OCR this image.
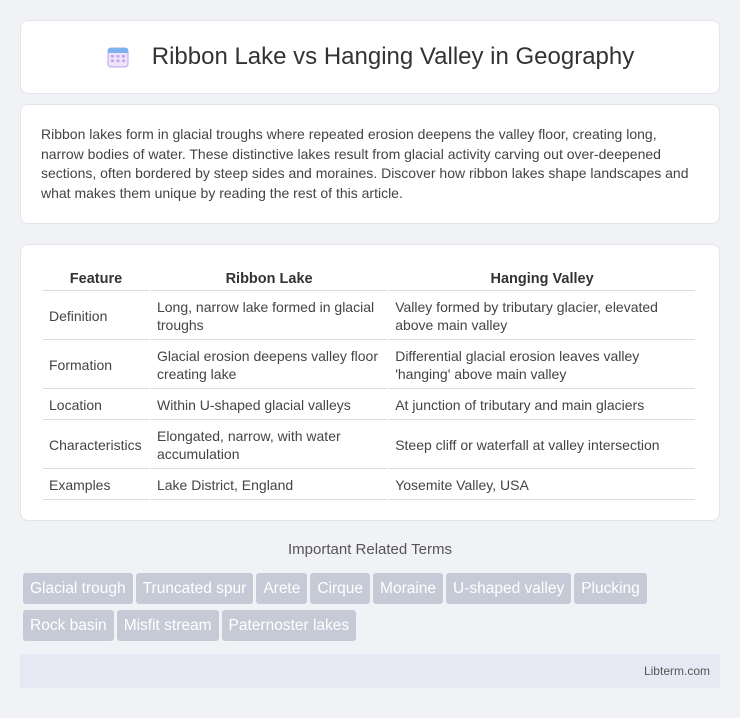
Ribbon Lake vs Hanging Valley in Geography

Ribbon lakes form in glacial troughs where repeated erosion deepens the valley floor, creating long, narrow bodies of water. These distinctive lakes result from glacial activity carving out over-deepened sections, often bordered by steep sides and moraines. Discover how ribbon lakes shape landscapes and what makes them unique by reading the rest of this article.

Feature	Ribbon Lake	Hanging Valley
Definition	Long, narrow lake formed in glacial troughs	Valley formed by tributary glacier, elevated above main valley
Formation	Glacial erosion deepens valley floor creating lake	Differential glacial erosion leaves valley 'hanging' above main valley
Location	Within U-shaped glacial valleys	At junction of tributary and main glaciers
Characteristics	Elongated, narrow, with water accumulation	Steep cliff or waterfall at valley intersection
Examples	Lake District, England	Yosemite Valley, USA
Important Related Terms
Glacial trough Truncated spur Arete Cirque Moraine U-shaped valley Plucking
Rock basin Misfit stream Paternoster lakes
Libterm.com
